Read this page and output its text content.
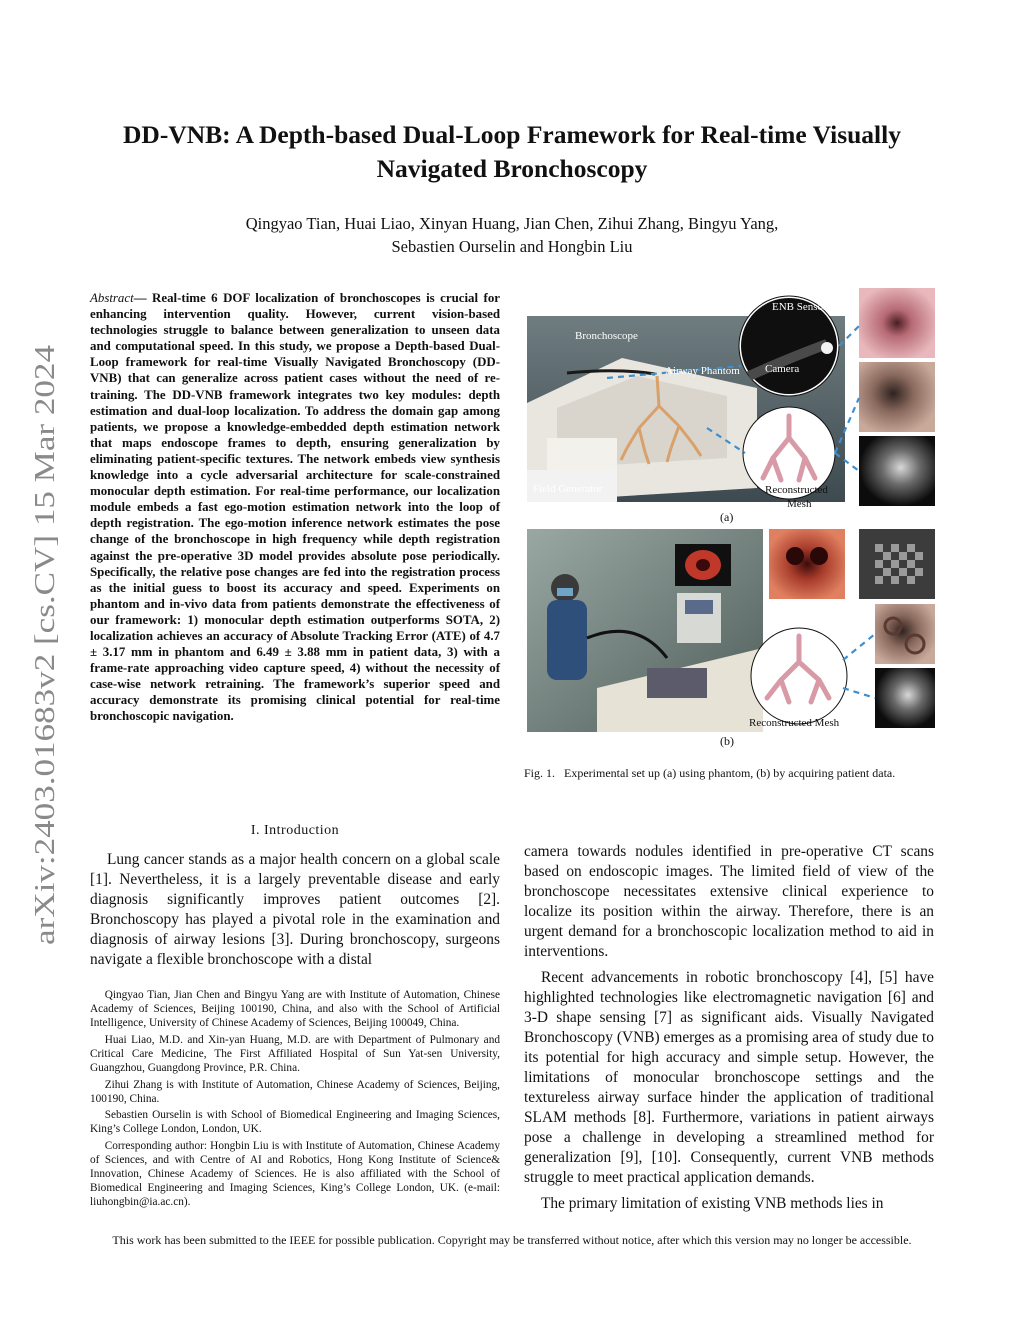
arXiv:2403.01683v2 [cs.CV] 15 Mar 2024
DD-VNB: A Depth-based Dual-Loop Framework for Real-time Visually Navigated Bronchoscopy
Qingyao Tian, Huai Liao, Xinyan Huang, Jian Chen, Zihui Zhang, Bingyu Yang,
Sebastien Ourselin and Hongbin Liu
Abstract— Real-time 6 DOF localization of bronchoscopes is crucial for enhancing intervention quality. However, current vision-based technologies struggle to balance between generalization to unseen data and computational speed. In this study, we propose a Depth-based Dual-Loop framework for real-time Visually Navigated Bronchoscopy (DD-VNB) that can generalize across patient cases without the need of re-training. The DD-VNB framework integrates two key modules: depth estimation and dual-loop localization. To address the domain gap among patients, we propose a knowledge-embedded depth estimation network that maps endoscope frames to depth, ensuring generalization by eliminating patient-specific textures. The network embeds view synthesis knowledge into a cycle adversarial architecture for scale-constrained monocular depth estimation. For real-time performance, our localization module embeds a fast ego-motion estimation network into the loop of depth registration. The ego-motion inference network estimates the pose change of the bronchoscope in high frequency while depth registration against the pre-operative 3D model provides absolute pose periodically. Specifically, the relative pose changes are fed into the registration process as the initial guess to boost its accuracy and speed. Experiments on phantom and in-vivo data from patients demonstrate the effectiveness of our framework: 1) monocular depth estimation outperforms SOTA, 2) localization achieves an accuracy of Absolute Tracking Error (ATE) of 4.7 ± 3.17 mm in phantom and 6.49 ± 3.88 mm in patient data, 3) with a frame-rate approaching video capture speed, 4) without the necessity of case-wise network retraining. The framework’s superior speed and accuracy demonstrate its promising clinical potential for real-time bronchoscopic navigation.
I. Introduction
Lung cancer stands as a major health concern on a global scale [1]. Nevertheless, it is a largely preventable disease and early diagnosis significantly improves patient outcomes [2]. Bronchoscopy has played a pivotal role in the examination and diagnosis of airway lesions [3]. During bronchoscopy, surgeons navigate a flexible bronchoscope with a distal

Qingyao Tian, Jian Chen and Bingyu Yang are with Institute of Automation, Chinese Academy of Sciences, Beijing 100190, China, and also with the School of Artificial Intelligence, University of Chinese Academy of Sciences, Beijing 100049, China.

Huai Liao, M.D. and Xin-yan Huang, M.D. are with Department of Pulmonary and Critical Care Medicine, The First Affiliated Hospital of Sun Yat-sen University, Guangzhou, Guangdong Province, P.R. China.

Zihui Zhang is with Institute of Automation, Chinese Academy of Sciences, Beijing, 100190, China.

Sebastien Ourselin is with School of Biomedical Engineering and Imaging Sciences, King’s College London, London, UK.

Corresponding author: Hongbin Liu is with Institute of Automation, Chinese Academy of Sciences, and with Centre of AI and Robotics, Hong Kong Institute of Science& Innovation, Chinese Academy of Sciences. He is also affiliated with the School of Biomedical Engineering and Imaging Sciences, King’s College London, UK. (e-mail: liuhongbin@ia.ac.cn).

ENB Sensor
Bronchoscope
Airway Phantom Camera
Field Generator	Reconstructed
Mesh
(a)
Reconstructed Mesh
(b)
Fig. 1. Experimental set up (a) using phantom, (b) by acquiring patient data.

camera towards nodules identified in pre-operative CT scans based on endoscopic images. The limited field of view of the bronchoscope necessitates extensive clinical experience to localize its position within the airway. Therefore, there is an urgent demand for a bronchoscopic localization method to aid in interventions.

Recent advancements in robotic bronchoscopy [4], [5] have highlighted technologies like electromagnetic navigation [6] and 3-D shape sensing [7] as significant aids. Visually Navigated Bronchoscopy (VNB) emerges as a promising area of study due to its potential for high accuracy and simple setup. However, the limitations of monocular bronchoscope settings and the textureless airway surface hinder the application of traditional SLAM methods [8]. Furthermore, variations in patient airways pose a challenge in developing a streamlined method for generalization [9], [10]. Consequently, current VNB methods struggle to meet practical application demands.

The primary limitation of existing VNB methods lies in

This work has been submitted to the IEEE for possible publication. Copyright may be transferred without notice, after which this version may no longer be accessible.
